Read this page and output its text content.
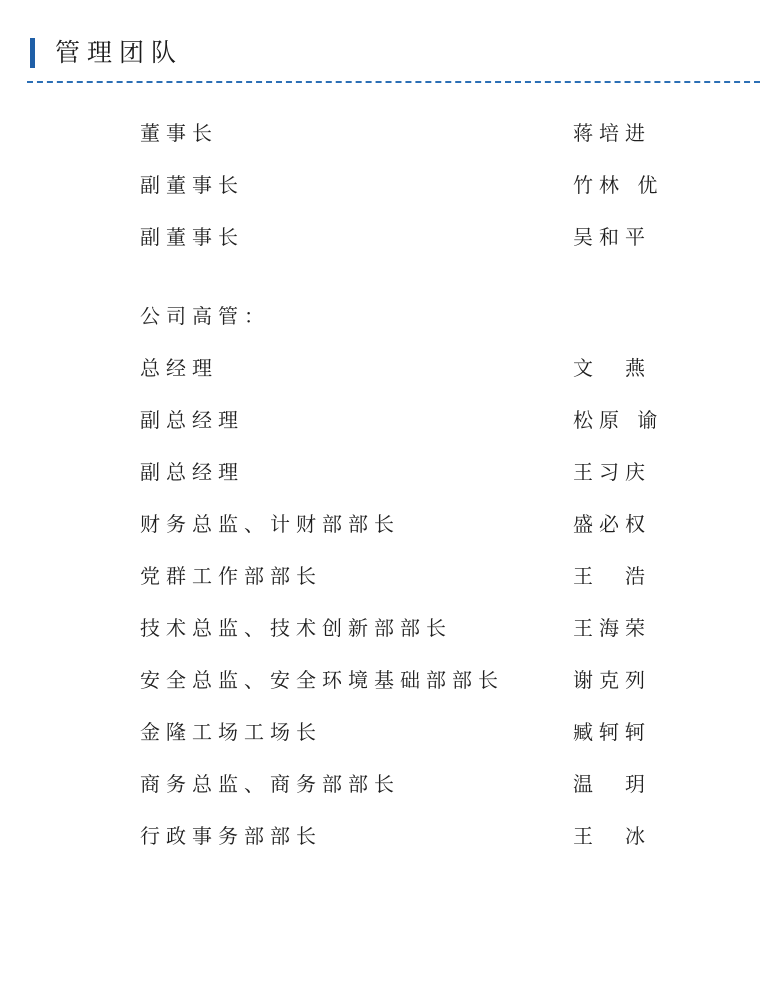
管理团队
董事长	蒋培进
副董事长	竹林 优
副董事长	吴和平
公司高管：
总经理	文　燕
副总经理	松原 谕
副总经理	王习庆
财务总监、计财部部长	盛必权
党群工作部部长	王　浩
技术总监、技术创新部部长	王海荣
安全总监、安全环境基础部部长	谢克列
金隆工场工场长	臧轲轲
商务总监、商务部部长	温　玥
行政事务部部长	王　冰
